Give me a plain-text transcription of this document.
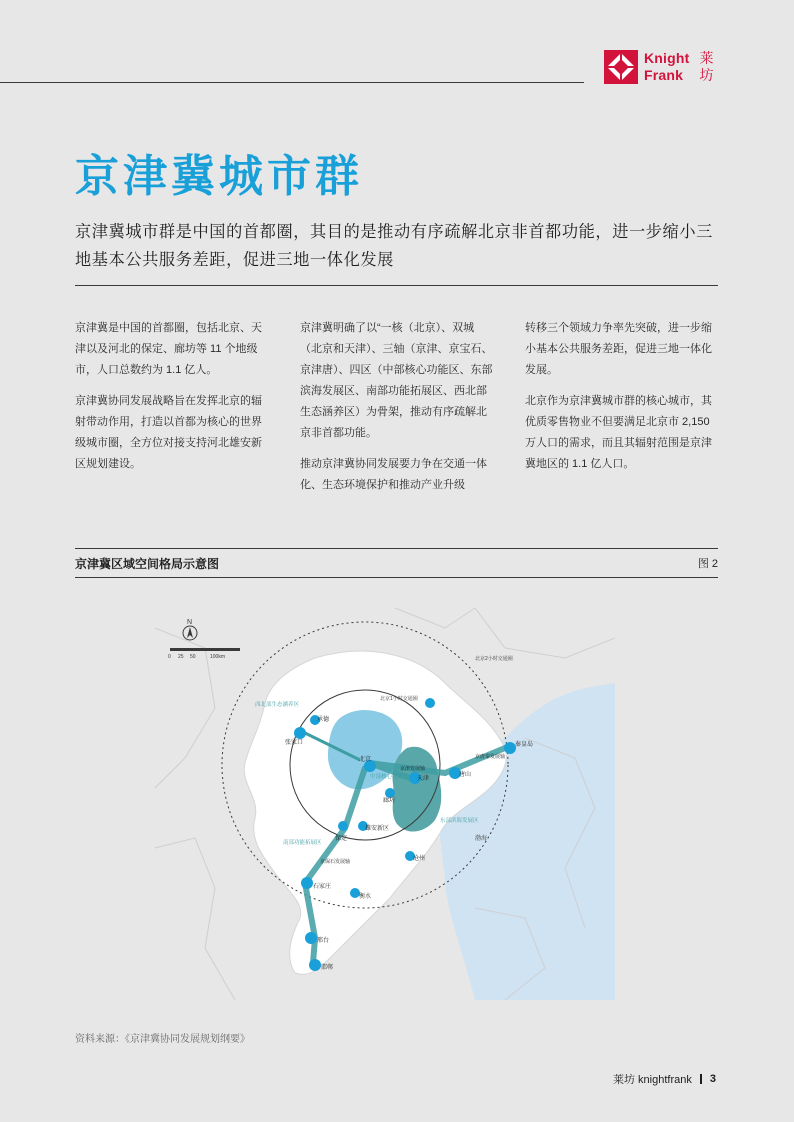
Knight
Frank
莱
坊
京津冀城市群

京津冀城市群是中国的首都圈，其目的是推动有序疏解北京非首都功能，进一步缩小三地基本公共服务差距，促进三地一体化发展

京津冀是中国的首都圈，包括北京、天津以及河北的保定、廊坊等 11 个地级市，人口总数约为 1.1 亿人。

京津冀协同发展战略旨在发挥北京的辐射带动作用，打造以首都为核心的世界级城市圈，全方位对接支持河北雄安新区规划建设。

京津冀明确了以“一核（北京）、双城（北京和天津）、三轴（京津、京宝石、京津唐）、四区（中部核心功能区、东部滨海发展区、南部功能拓展区、西北部生态涵养区）为骨架，推动有序疏解北京非首都功能。

推动京津冀协同发展要力争在交通一体化、生态环境保护和推动产业升级

转移三个领域力争率先突破，进一步缩小基本公共服务差距，促进三地一体化发展。

北京作为京津冀城市群的核心城市，其优质零售物业不但要满足北京市 2,150 万人口的需求，而且其辐射范围是京津冀地区的 1.1 亿人口。

京津冀区域空间格局示意图	图 2
N
0 25 50	100km
张家口
承德
北京
天津
廊坊
唐山
秦皇岛
保定
雄安新区
沧州
石家庄
衡水
邢台
邯郸
西北部生态涵养区
中部核心功能区
东部滨海发展区
南部功能拓展区
京津发展轴
京唐秦发展轴
京保石发展轴
渤海
北京1小时交通圈
北京2小时交通圈
资料来源：《京津冀协同发展规划纲要》
莱坊 knightfrank 3
